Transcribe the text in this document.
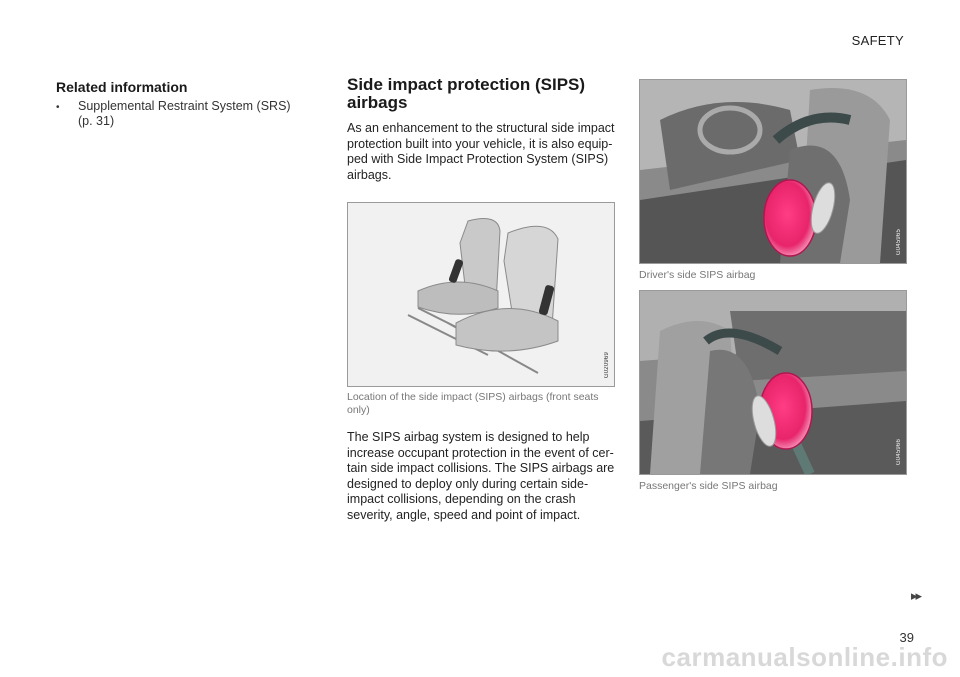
SAFETY
Related information
•	Supplemental Restraint System (SRS) (p. 31)
Side impact protection (SIPS) airbags

As an enhancement to the structural side impact protection built into your vehicle, it is also equip-ped with Side Impact Protection System (SIPS) airbags.

G020969

Location of the side impact (SIPS) airbags (front seats only)

The SIPS airbag system is designed to help increase occupant protection in the event of cer-tain side impact collisions. The SIPS airbags are designed to deploy only during certain side-impact collisions, depending on the crash severity, angle, speed and point of impact.

G045965

Driver's side SIPS airbag

G045966

Passenger's side SIPS airbag

▸▸
39
carmanualsonline.info
